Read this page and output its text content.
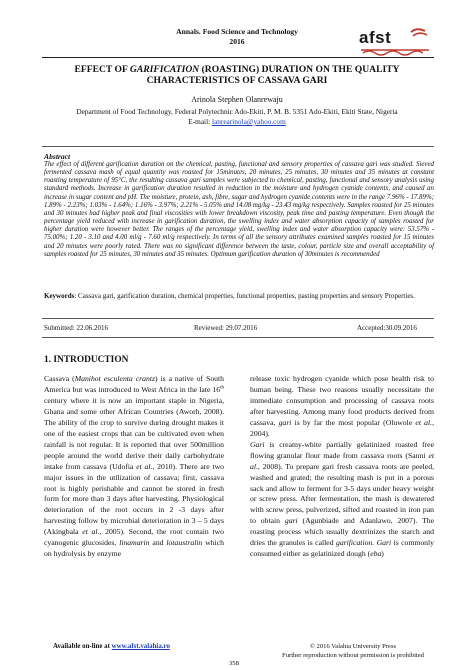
Annals. Food Science and Technology
2016	afst
EFFECT OF GARIFICATION (ROASTING) DURATION ON THE QUALITY
CHARACTERISTICS OF CASSAVA GARI
Arinola Stephen Olanrewaju
Department of Food Technology, Federal Polytechnic Ado-Ekiti, P. M. B. 5351 Ado-Ekiti, Ekiti State, Nigeria
E-mail: lanrearinola@yahoo.com
Abstract
The effect of different garification duration on the chemical, pasting, functional and sensory properties of cassava gari was studied. Sieved fermented cassava mash of equal quantity was roasted for 15minutes, 20 minutes, 25 minutes, 30 minutes and 35 minutes at constant roasting temperature of 95°C, the resulting cassava gari samples were subjected to chemical, pasting, functional and sensory analysis using standard methods. Increase in garification duration resulted in reduction in the moisture and hydrogen cyanide contents, and caused an increase in sugar content and pH. The moisture, protein, ash, fibre, sugar and hydrogen cyanide contents were in the range 7.96% - 17.89%; 1.89% - 2.23%; 1.03% - 1.64%; 1.16% - 3.97%; 2.21% - 5.05% and 14.08 mg/kg - 23.43 mg/kg respectively. Samples roasted for 25 minutes and 30 minutes had higher peak and final viscosities with lower breakdown viscosity, peak time and pasting temperature. Even though the percentage yield reduced with increase in garification duration, the swelling index and water absorption capacity of samples roasted for higher duration were however better. The ranges of the percentage yield, swelling index and water absorption capacity were: 53.57% - 75.00%; 1.20 - 3.10 and 4.00 ml/g - 7.60 ml/g respectively. In terms of all the sensory attributes examined samples roasted for 15 minutes and 20 minutes were poorly rated. There was no significant difference between the taste, colour, particle size and overall acceptability of samples roasted for 25 minutes, 30 minutes and 35 minutes. Optimum garification duration of 30minutes is recommended
Keywords: Cassava gari, garification duration, chemical properties, functional properties, pasting properties and sensory Properties.
Submitted: 22.06.2016	Reviewed: 29.07.2016	Accepted:30.09.2016
1. INTRODUCTION

Cassava (Manihot esculenta crantz) is a native of South America but was introduced to West Africa in the late 16th century where it is now an important staple in Nigeria, Ghana and some other African Countries (Aworh, 2008). The ability of the crop to survive during drought makes it one of the easiest crops that can be cultivated even when rainfall is not regular. It is reported that over 500million people around the world derive their daily carbohydrate intake from cassava (Udofia et al., 2010). There are two major issues in the utilization of cassava; first, cassava root is highly perishable and cannot be stored in fresh form for more than 3 days after harvesting. Physiological deterioration of the root occurs in 2 -3 days after harvesting follow by microbial deterioration in 3 – 5 days (Akingbala et al., 2005). Second, the root contain two cyanogenic glucosides, linamarin and lotaustralin which on hydrolysis by enzyme

release toxic hydrogen cyanide which pose health risk to human being. These two reasons usually necessitate the immediate consumption and processing of cassava roots after harvesting. Among many food products derived from cassava, gari is by far the most popular (Oluwole et al., 2004).

Gari is creamy-white partially gelatinized roasted free flowing granular flour made from cassava roots (Sanni et al., 2008). To prepare gari fresh cassava roots are peeled, washed and grated; the resulting mash is put in a porous sack and allow to ferment for 3-5 days under heavy weight or screw press. After fermentation, the mash is dewatered with screw press, pulverized, sifted and roasted in iron pan to obtain gari (Agunbiade and Adanlawo, 2007). The roasting process which usually dextrinizes the starch and dries the granules is called garification. Gari is commonly consumed either as gelatinized dough (eba)

Available on-line at www.afst.valahia.ro	© 2016 Valahia University Press
Further reproduction without permission is prohibited
358
